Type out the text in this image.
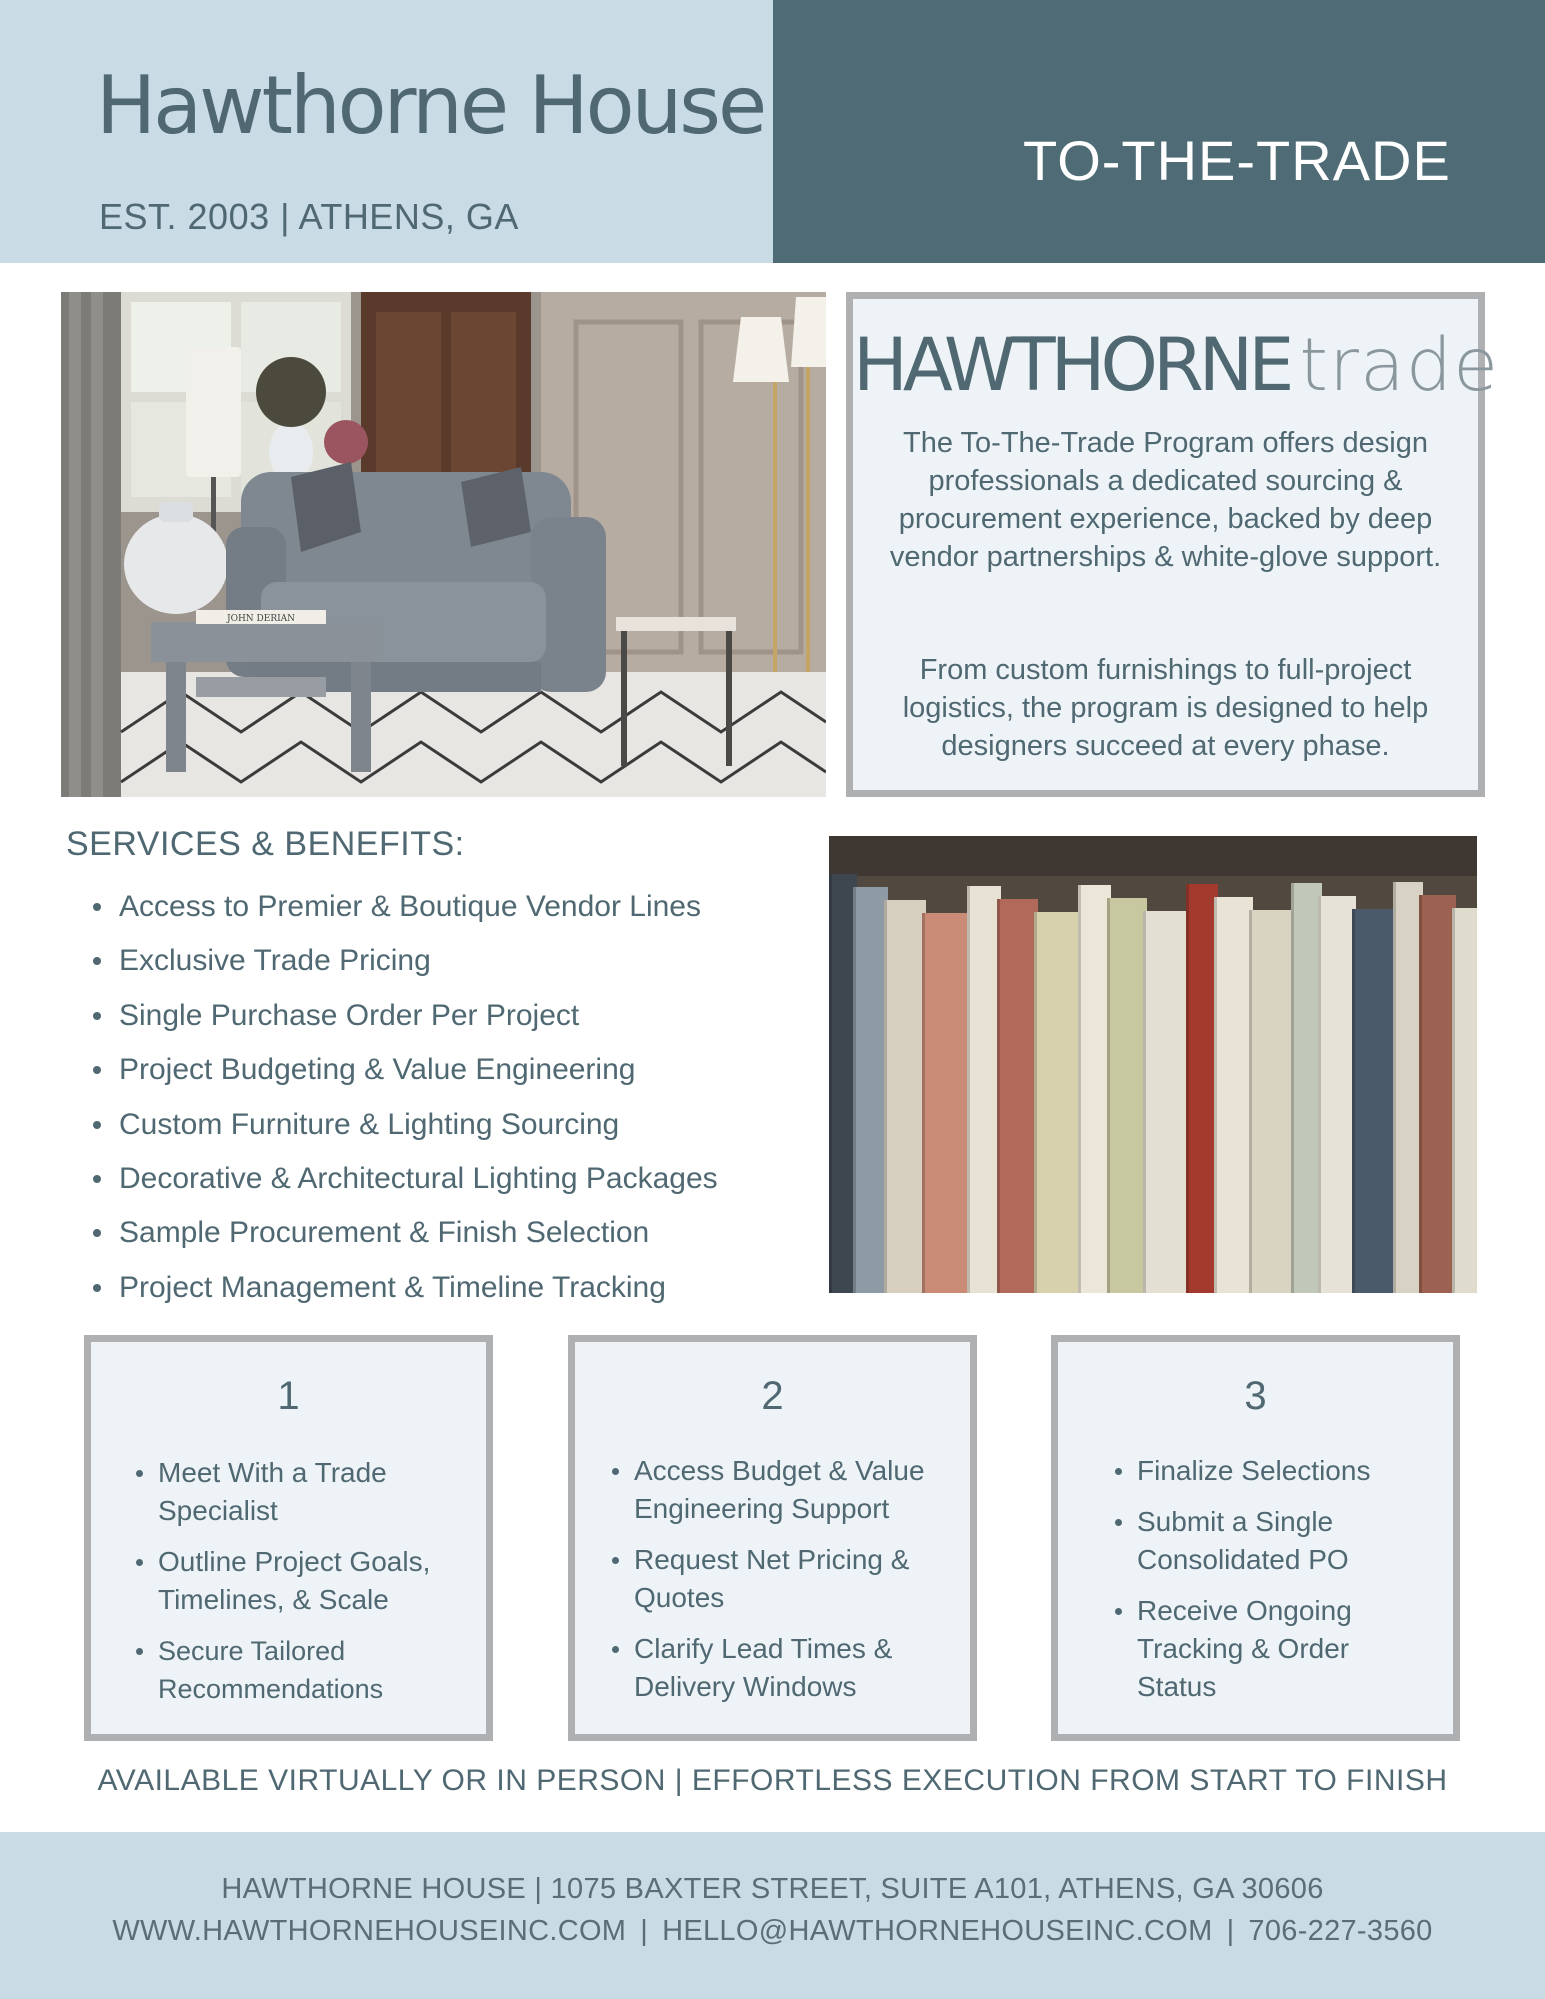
Hawthorne House
EST. 2003 | ATHENS, GA
TO-THE-TRADE
JOHN DERIAN
HAWTHORNE trade
The To-The-Trade Program offers design professionals a dedicated sourcing & procurement experience, backed by deep vendor partnerships & white-glove support.
From custom furnishings to full-project logistics, the program is designed to help designers succeed at every phase.
SERVICES & BENEFITS:
Access to Premier & Boutique Vendor Lines
Exclusive Trade Pricing
Single Purchase Order Per Project
Project Budgeting & Value Engineering
Custom Furniture & Lighting Sourcing
Decorative & Architectural Lighting Packages
Sample Procurement & Finish Selection
Project Management & Timeline Tracking
1
Meet With a Trade Specialist
Outline Project Goals, Timelines, & Scale
Secure Tailored Recommendations
2
Access Budget & Value Engineering Support
Request Net Pricing & Quotes
Clarify Lead Times & Delivery Windows
3
Finalize Selections
Submit a Single Consolidated PO
Receive Ongoing Tracking & Order Status
AVAILABLE VIRTUALLY OR IN PERSON | EFFORTLESS EXECUTION FROM START TO FINISH
HAWTHORNE HOUSE | 1075 BAXTER STREET, SUITE A101, ATHENS, GA 30606
WWW.HAWTHORNEHOUSEINC.COM | HELLO@HAWTHORNEHOUSEINC.COM | 706-227-3560
